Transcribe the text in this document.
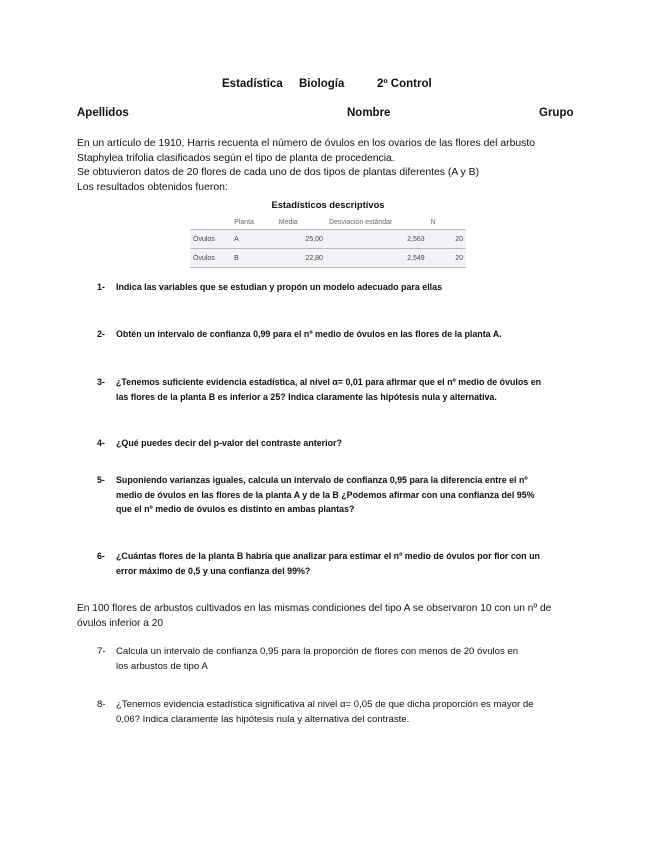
Estadística Biología	2º Control
Apellidos	Nombre	Grupo

En un artículo de 1910, Harris recuenta el número de óvulos en los ovarios de las flores del arbusto

Staphylea trifolia clasificados según el tipo de planta de procedencia.

Se obtuvieron datos de 20 flores de cada uno de dos tipos de plantas diferentes (A y B)

Los resultados obtenidos fueron:

Estadísticos descriptivos
	Planta	Media	Desviación estándar	N
Óvulos	A	25,00	2,563	20
Óvulos	B	22,80	2,549	20
1- Indica las variables que se estudian y propón un modelo adecuado para ellas
2- Obtén un intervalo de confianza 0,99 para el nº medio de óvulos en las flores de la planta A.
3- ¿Tenemos suficiente evidencia estadística, al nivel α= 0,01 para afirmar que el nº medio de óvulos en
las flores de la planta B es inferior a 25? Indica claramente las hipótesis nula y alternativa.
4- ¿Qué puedes decir del p-valor del contraste anterior?
5- Suponiendo varianzas iguales, calcula un intervalo de confianza 0,95 para la diferencia entre el nº
medio de óvulos en las flores de la planta A y de la B ¿Podemos afirmar con una confianza del 95%
que el nº medio de óvulos es distinto en ambas plantas?
6- ¿Cuántas flores de la planta B habría que analizar para estimar el nº medio de óvulos por flor con un
error máximo de 0,5 y una confianza del 99%?
En 100 flores de arbustos cultivados en las mismas condiciones del tipo A se observaron 10 con un nº de
óvulos inferior a 20
7- Calcula un intervalo de confianza 0,95 para la proporción de flores con menos de 20 óvulos en
los arbustos de tipo A
8- ¿Tenemos evidencia estadística significativa al nivel α= 0,05 de que dicha proporción es mayor de
0,06? Indica claramente las hipótesis nula y alternativa del contraste.
